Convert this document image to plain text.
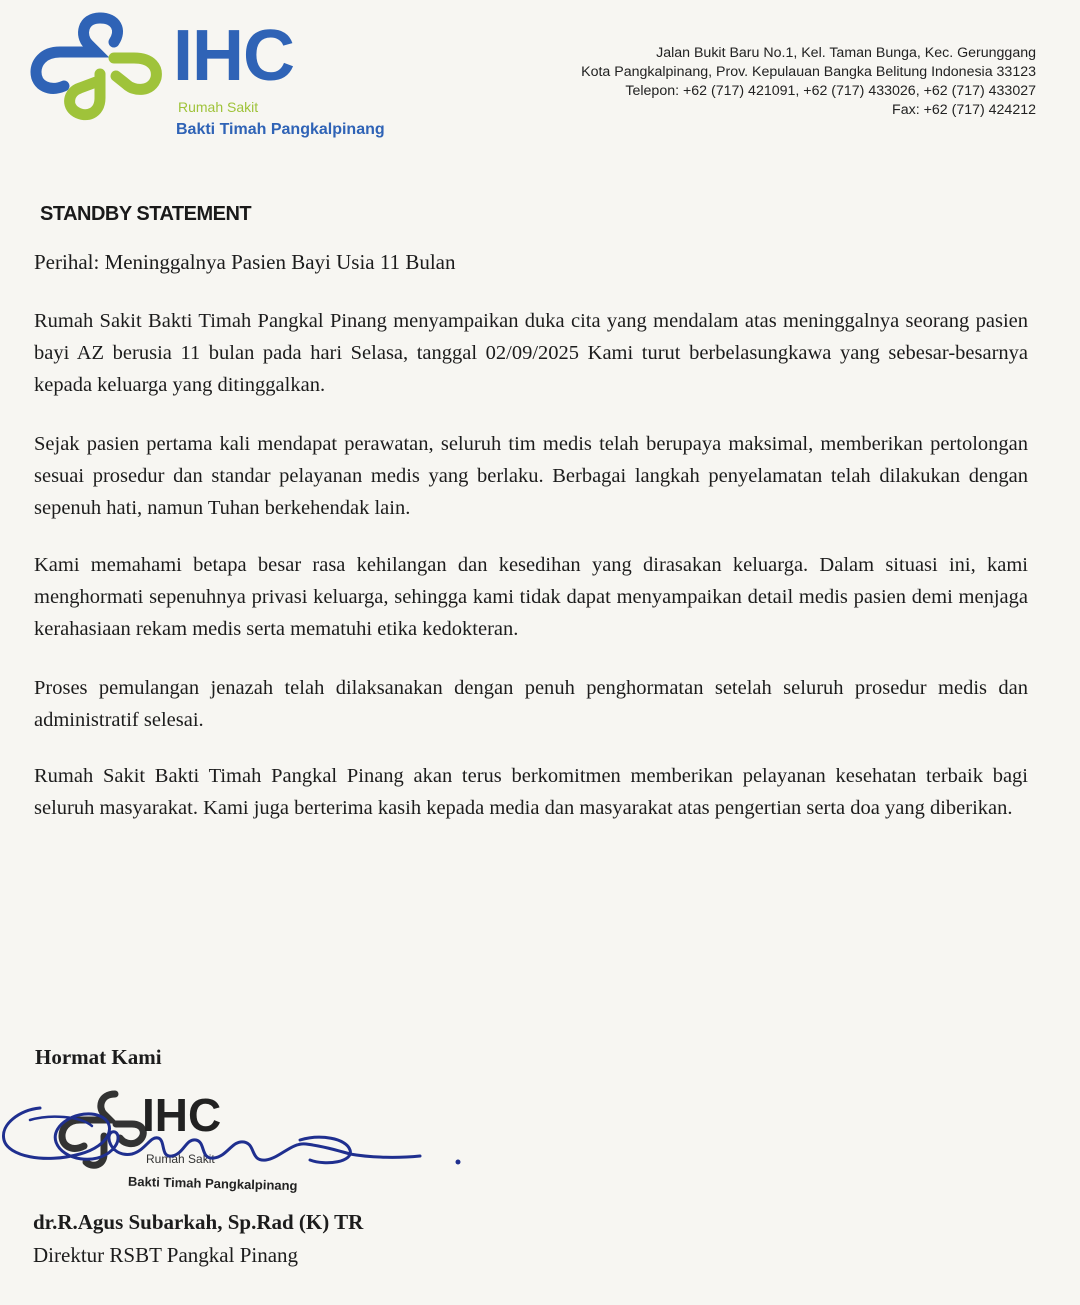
IHC
Rumah Sakit
Bakti Timah Pangkalpinang
Jalan Bukit Baru No.1, Kel. Taman Bunga, Kec. Gerunggang
Kota Pangkalpinang, Prov. Kepulauan Bangka Belitung Indonesia 33123
Telepon: +62 (717) 421091, +62 (717) 433026, +62 (717) 433027
Fax: +62 (717) 424212
STANDBY STATEMENT
Perihal: Meninggalnya Pasien Bayi Usia 11 Bulan
Rumah Sakit Bakti Timah Pangkal Pinang menyampaikan duka cita yang mendalam atas meninggalnya seorang pasien bayi AZ berusia 11 bulan pada hari Selasa, tanggal 02/09/2025 Kami turut berbelasungkawa yang sebesar-besarnya kepada keluarga yang ditinggalkan.
Sejak pasien pertama kali mendapat perawatan, seluruh tim medis telah berupaya maksimal, memberikan pertolongan sesuai prosedur dan standar pelayanan medis yang berlaku. Berbagai langkah penyelamatan telah dilakukan dengan sepenuh hati, namun Tuhan berkehendak lain.
Kami memahami betapa besar rasa kehilangan dan kesedihan yang dirasakan keluarga. Dalam situasi ini, kami menghormati sepenuhnya privasi keluarga, sehingga kami tidak dapat menyampaikan detail medis pasien demi menjaga kerahasiaan rekam medis serta mematuhi etika kedokteran.
Proses pemulangan jenazah telah dilaksanakan dengan penuh penghormatan setelah seluruh prosedur medis dan administratif selesai.
Rumah Sakit Bakti Timah Pangkal Pinang akan terus berkomitmen memberikan pelayanan kesehatan terbaik bagi seluruh masyarakat. Kami juga berterima kasih kepada media dan masyarakat atas pengertian serta doa yang diberikan.
Hormat Kami
IHC
Rumah Sakit
Bakti Timah Pangkalpinang
dr.R.Agus Subarkah, Sp.Rad (K) TR
Direktur RSBT Pangkal Pinang
